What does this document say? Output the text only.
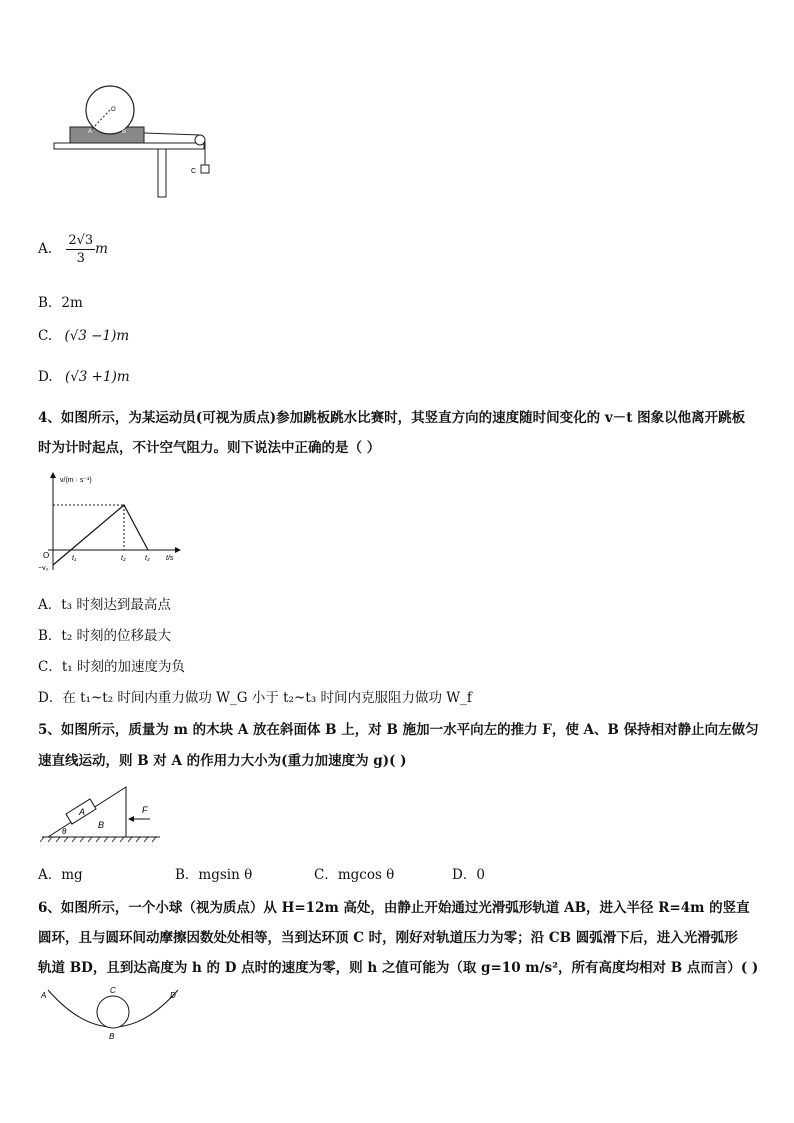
C
A	B
O
A. $\frac{2√3}{3}$ m
B．2m
C. (√3 −1)m
D. (√3 +1)m
4、如图所示，为某运动员(可视为质点)参加跳板跳水比赛时，其竖直方向的速度随时间变化的 v－t 图象以他离开跳板
时为计时起点，不计空气阻力。则下说法中正确的是（ ）
v/(m · s⁻¹)
t/s
O
−v₀
t₁	t₂	t₃
A．t₃ 时刻达到最高点
B．t₂ 时刻的位移最大
C．t₁ 时刻的加速度为负
D．在 t₁~t₂ 时间内重力做功 W_G 小于 t₂~t₃ 时间内克服阻力做功 W_f
5、如图所示，质量为 m 的木块 A 放在斜面体 B 上，对 B 施加一水平向左的推力 F，使 A、B 保持相对静止向左做匀
速直线运动，则 B 对 A 的作用力大小为(重力加速度为 g)( )
A
B
θ
F
A．mg	B．mgsin θ	C．mgcos θ	D．0
6、如图所示，一个小球（视为质点）从 H=12m 高处，由静止开始通过光滑弧形轨道 AB，进入半径 R=4m 的竖直
圆环，且与圆环间动摩擦因数处处相等，当到达环顶 C 时，刚好对轨道压力为零；沿 CB 圆弧滑下后，进入光滑弧形
轨道 BD，且到达高度为 h 的 D 点时的速度为零，则 h 之值可能为（取 g=10 m/s²，所有高度均相对 B 点而言）( )
A	D
C
B
